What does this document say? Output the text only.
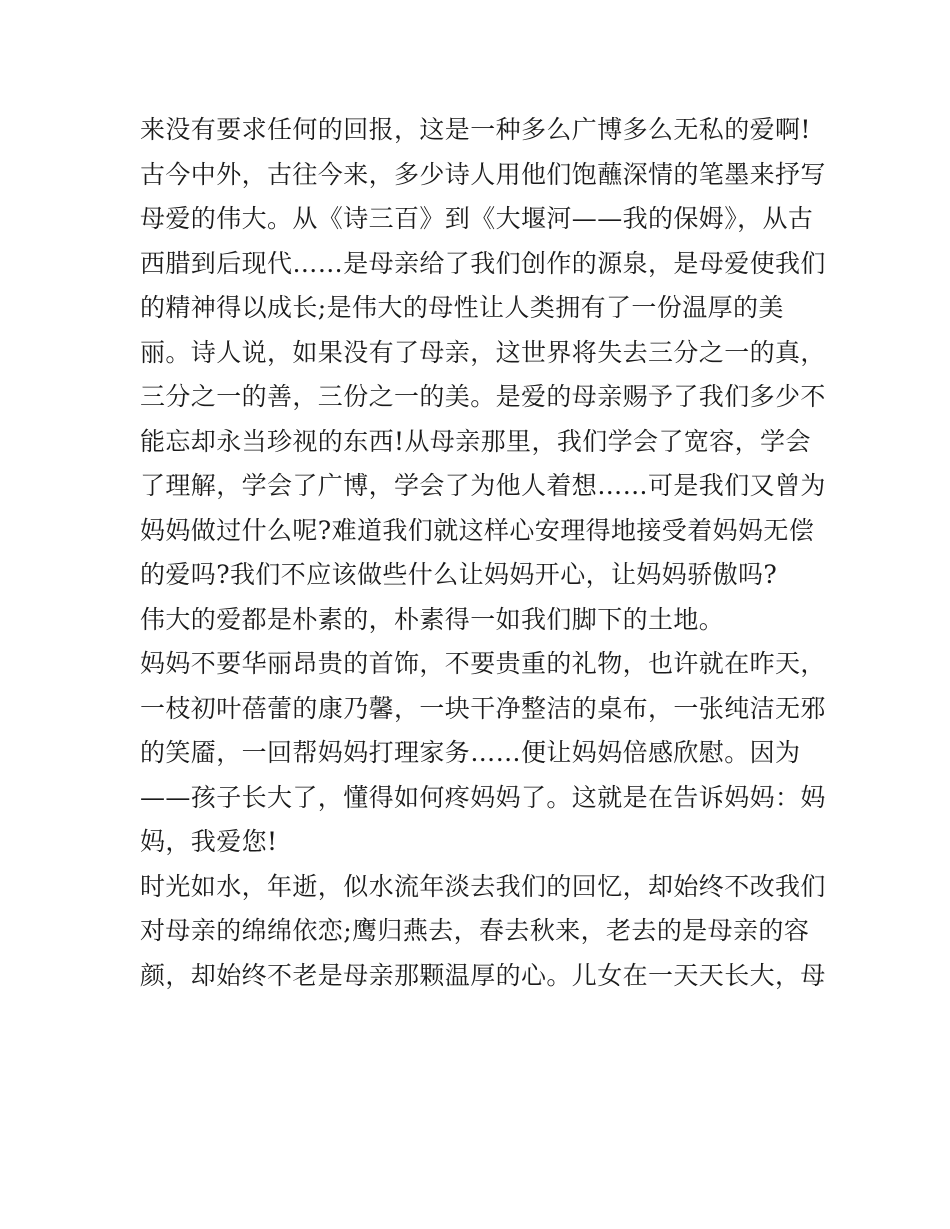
来没有要求任何的回报，这是一种多么广博多么无私的爱啊!
古今中外，古往今来，多少诗人用他们饱蘸深情的笔墨来抒写
母爱的伟大。从《诗三百》到《大堰河——我的保姆》，从古
西腊到后现代……是母亲给了我们创作的源泉，是母爱使我们
的精神得以成长;是伟大的母性让人类拥有了一份温厚的美
丽。诗人说，如果没有了母亲，这世界将失去三分之一的真，
三分之一的善，三份之一的美。是爱的母亲赐予了我们多少不
能忘却永当珍视的东西!从母亲那里，我们学会了宽容，学会
了理解，学会了广博，学会了为他人着想……可是我们又曾为
妈妈做过什么呢?难道我们就这样心安理得地接受着妈妈无偿
的爱吗?我们不应该做些什么让妈妈开心，让妈妈骄傲吗?
伟大的爱都是朴素的，朴素得一如我们脚下的土地。
妈妈不要华丽昂贵的首饰，不要贵重的礼物，也许就在昨天，
一枝初叶蓓蕾的康乃馨，一块干净整洁的桌布，一张纯洁无邪
的笑靥，一回帮妈妈打理家务……便让妈妈倍感欣慰。因为
——孩子长大了，懂得如何疼妈妈了。这就是在告诉妈妈：妈
妈，我爱您!
时光如水，年逝，似水流年淡去我们的回忆，却始终不改我们
对母亲的绵绵依恋;鹰归燕去，春去秋来，老去的是母亲的容
颜，却始终不老是母亲那颗温厚的心。儿女在一天天长大，母
